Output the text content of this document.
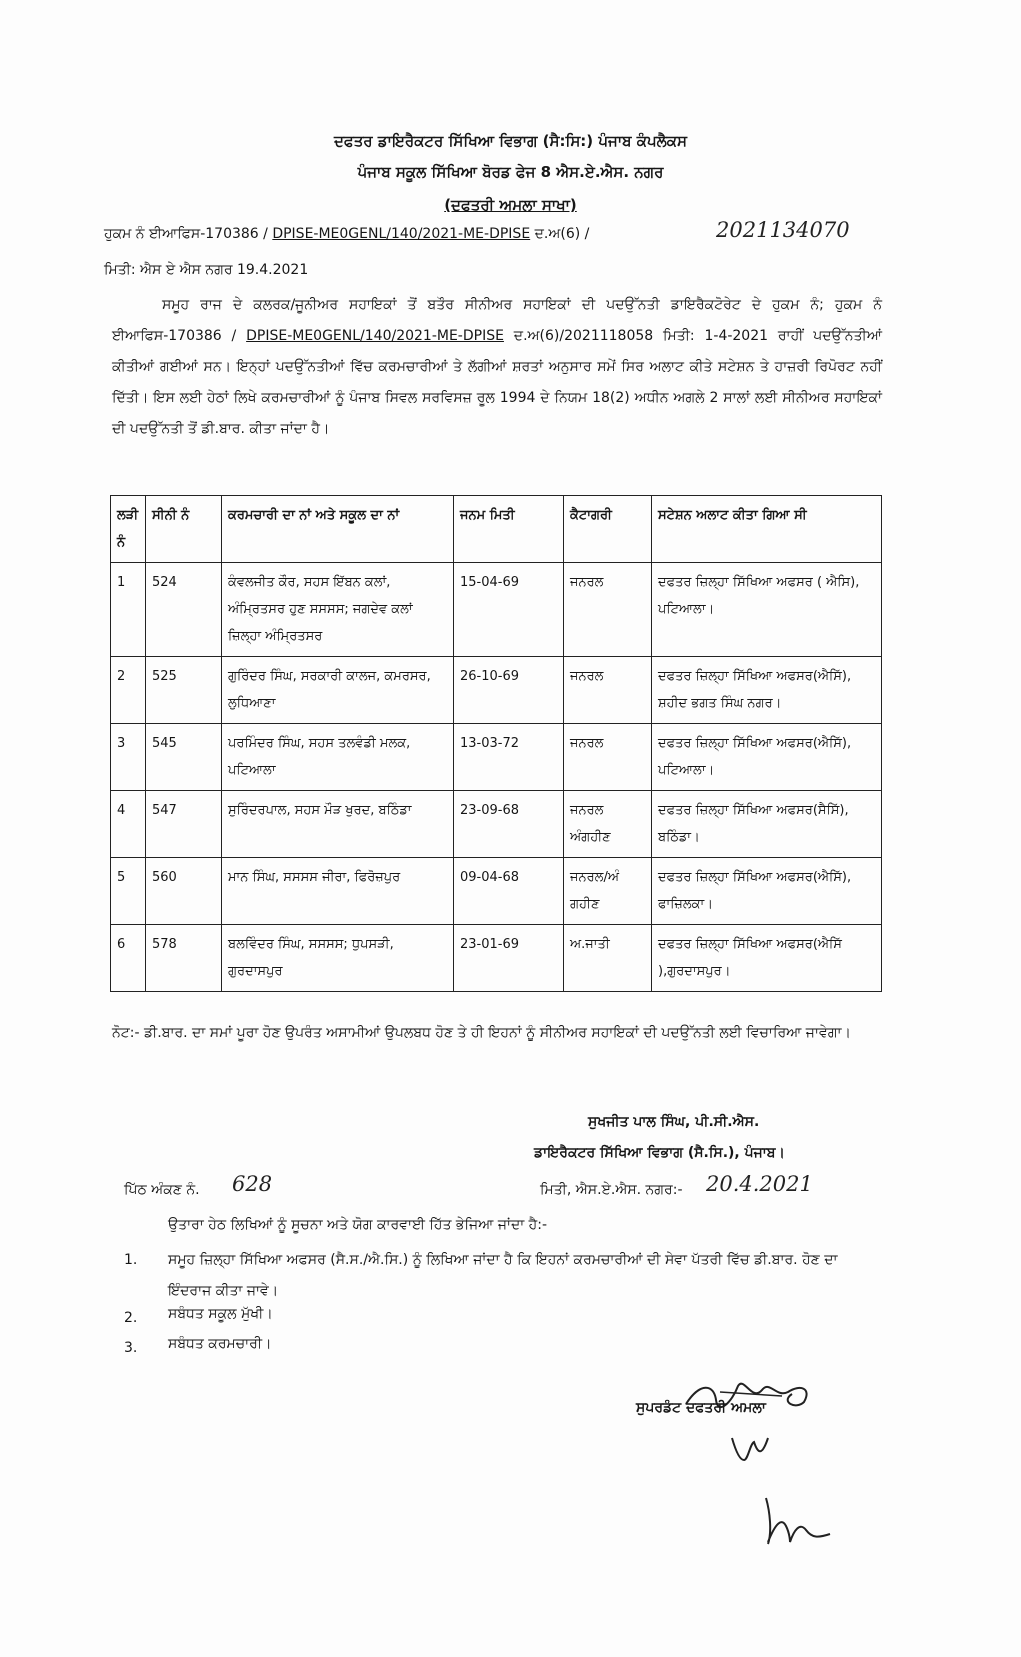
ਦਫਤਰ ਡਾਇਰੈਕਟਰ ਸਿੱਖਿਆ ਵਿਭਾਗ (ਸੈ:ਸਿ:) ਪੰਜਾਬ ਕੰਪਲੈਕਸ
ਪੰਜਾਬ ਸਕੂਲ ਸਿੱਖਿਆ ਬੋਰਡ ਫੇਜ 8 ਐਸ.ਏ.ਐਸ. ਨਗਰ
(ਦਫਤਰੀ ਅਮਲਾ ਸਾਖਾ)
ਹੁਕਮ ਨੰ ਈਆਫਿਸ-170386 / DPISE-ME0GENL/140/2021-ME-DPISE ਦ.ਅ(6) /	2021134070
ਮਿਤੀ: ਐਸ ਏ ਐਸ ਨਗਰ 19.4.2021
ਸਮੂਹ ਰਾਜ ਦੇ ਕਲਰਕ/ਜੂਨੀਅਰ ਸਹਾਇਕਾਂ ਤੋਂ ਬਤੌਰ ਸੀਨੀਅਰ ਸਹਾਇਕਾਂ ਦੀ ਪਦਉੱਨਤੀ ਡਾਇਰੈਕਟੋਰੇਟ ਦੇ ਹੁਕਮ ਨੰ; ਹੁਕਮ ਨੰ ਈਆਫਿਸ-170386 / DPISE-ME0GENL/140/2021-ME-DPISE ਦ.ਅ(6)/2021118058 ਮਿਤੀ: 1-4-2021 ਰਾਹੀਂ ਪਦਉੱਨਤੀਆਂ ਕੀਤੀਆਂ ਗਈਆਂ ਸਨ। ਇਨ੍ਹਾਂ ਪਦਉੱਨਤੀਆਂ ਵਿੱਚ ਕਰਮਚਾਰੀਆਂ ਤੇ ਲੱਗੀਆਂ ਸ਼ਰਤਾਂ ਅਨੁਸਾਰ ਸਮੇਂ ਸਿਰ ਅਲਾਟ ਕੀਤੇ ਸਟੇਸ਼ਨ ਤੇ ਹਾਜ਼ਰੀ ਰਿਪੋਰਟ ਨਹੀਂ ਦਿੱਤੀ। ਇਸ ਲਈ ਹੇਠਾਂ ਲਿਖੇ ਕਰਮਚਾਰੀਆਂ ਨੂੰ ਪੰਜਾਬ ਸਿਵਲ ਸਰਵਿਸਜ਼ ਰੂਲ 1994 ਦੇ ਨਿਯਮ 18(2) ਅਧੀਨ ਅਗਲੇ 2 ਸਾਲਾਂ ਲਈ ਸੀਨੀਅਰ ਸਹਾਇਕਾਂ ਦੀ ਪਦਉੱਨਤੀ ਤੋਂ ਡੀ.ਬਾਰ. ਕੀਤਾ ਜਾਂਦਾ ਹੈ।
ਲੜੀ ਨੰ	ਸੀਨੀ ਨੰ	ਕਰਮਚਾਰੀ ਦਾ ਨਾਂ ਅਤੇ ਸਕੂਲ ਦਾ ਨਾਂ	ਜਨਮ ਮਿਤੀ	ਕੈਟਾਗਰੀ	ਸਟੇਸ਼ਨ ਅਲਾਟ ਕੀਤਾ ਗਿਆ ਸੀ
1	524	ਕੰਵਲਜੀਤ ਕੌਰ, ਸਹਸ ਇੱਬਨ ਕਲਾਂ, ਅੰਮ੍ਰਿਤਸਰ ਹੁਣ ਸਸਸਸ; ਜਗਦੇਵ ਕਲਾਂ ਜ਼ਿਲ੍ਹਾ ਅੰਮ੍ਰਿਤਸਰ	15-04-69	ਜਨਰਲ	ਦਫਤਰ ਜ਼ਿਲ੍ਹਾ ਸਿੱਖਿਆ ਅਫਸਰ ( ਐਸਿ), ਪਟਿਆਲਾ।
2	525	ਗੁਰਿੰਦਰ ਸਿੰਘ, ਸਰਕਾਰੀ ਕਾਲਜ, ਕਮਰਸਰ, ਲੁਧਿਆਣਾ	26-10-69	ਜਨਰਲ	ਦਫਤਰ ਜ਼ਿਲ੍ਹਾ ਸਿੱਖਿਆ ਅਫਸਰ(ਐਸਿੱ), ਸ਼ਹੀਦ ਭਗਤ ਸਿੰਘ ਨਗਰ।
3	545	ਪਰਮਿੰਦਰ ਸਿੰਘ, ਸਹਸ ਤਲਵੰਡੀ ਮਲਕ, ਪਟਿਆਲਾ	13-03-72	ਜਨਰਲ	ਦਫਤਰ ਜ਼ਿਲ੍ਹਾ ਸਿੱਖਿਆ ਅਫਸਰ(ਐਸਿੱ), ਪਟਿਆਲਾ।
4	547	ਸੁਰਿੰਦਰਪਾਲ, ਸਹਸ ਮੌੜ ਖੁਰਦ, ਬਠਿੰਡਾ	23-09-68	ਜਨਰਲ ਅੰਗਹੀਣ	ਦਫਤਰ ਜ਼ਿਲ੍ਹਾ ਸਿੱਖਿਆ ਅਫਸਰ(ਸੈਸਿੱ), ਬਠਿੰਡਾ।
5	560	ਮਾਨ ਸਿੰਘ, ਸਸਸਸ ਜੀਰਾ, ਫਿਰੋਜ਼ਪੁਰ	09-04-68	ਜਨਰਲ/ਅੰ ਗਹੀਣ	ਦਫਤਰ ਜ਼ਿਲ੍ਹਾ ਸਿੱਖਿਆ ਅਫਸਰ(ਐਸਿੱ), ਫਾਜ਼ਿਲਕਾ।
6	578	ਬਲਵਿੰਦਰ ਸਿੰਘ, ਸਸਸਸ; ਧੁਪਸੜੀ, ਗੁਰਦਾਸਪੁਰ	23-01-69	ਅ.ਜਾਤੀ	ਦਫਤਰ ਜ਼ਿਲ੍ਹਾ ਸਿੱਖਿਆ ਅਫਸਰ(ਐਸਿੱ ),ਗੁਰਦਾਸਪੁਰ।
ਨੋਟ:- ਡੀ.ਬਾਰ. ਦਾ ਸਮਾਂ ਪੂਰਾ ਹੋਣ ਉਪਰੰਤ ਅਸਾਮੀਆਂ ਉਪਲਬਧ ਹੋਣ ਤੇ ਹੀ ਇਹਨਾਂ ਨੂੰ ਸੀਨੀਅਰ ਸਹਾਇਕਾਂ ਦੀ ਪਦਉੱਨਤੀ ਲਈ ਵਿਚਾਰਿਆ ਜਾਵੇਗਾ।
ਸੁਖਜੀਤ ਪਾਲ ਸਿੰਘ, ਪੀ.ਸੀ.ਐਸ.
ਡਾਇਰੈਕਟਰ ਸਿੱਖਿਆ ਵਿਭਾਗ (ਸੈ.ਸਿ.), ਪੰਜਾਬ।
ਪਿੱਠ ਅੰਕਣ ਨੰ. 628	ਮਿਤੀ, ਐਸ.ਏ.ਐਸ. ਨਗਰ:- 20.4.2021
ਉਤਾਰਾ ਹੇਠ ਲਿਖਿਆਂ ਨੂੰ ਸੂਚਨਾ ਅਤੇ ਯੋਗ ਕਾਰਵਾਈ ਹਿੱਤ ਭੇਜਿਆ ਜਾਂਦਾ ਹੈ:-
1. ਸਮੂਹ ਜ਼ਿਲ੍ਹਾ ਸਿੱਖਿਆ ਅਫਸਰ (ਸੈ.ਸ./ਐ.ਸਿ.) ਨੂੰ ਲਿਖਿਆ ਜਾਂਦਾ ਹੈ ਕਿ ਇਹਨਾਂ ਕਰਮਚਾਰੀਆਂ ਦੀ ਸੇਵਾ ਪੱਤਰੀ ਵਿੱਚ ਡੀ.ਬਾਰ. ਹੋਣ ਦਾ ਇੰਦਰਾਜ ਕੀਤਾ ਜਾਵੇ।
2. ਸਬੰਧਤ ਸਕੂਲ ਮੁੱਖੀ।
3. ਸਬੰਧਤ ਕਰਮਚਾਰੀ।
ਸੁਪਰਡੰਟ ਦਫਤਰੀ ਅਮਲਾ
